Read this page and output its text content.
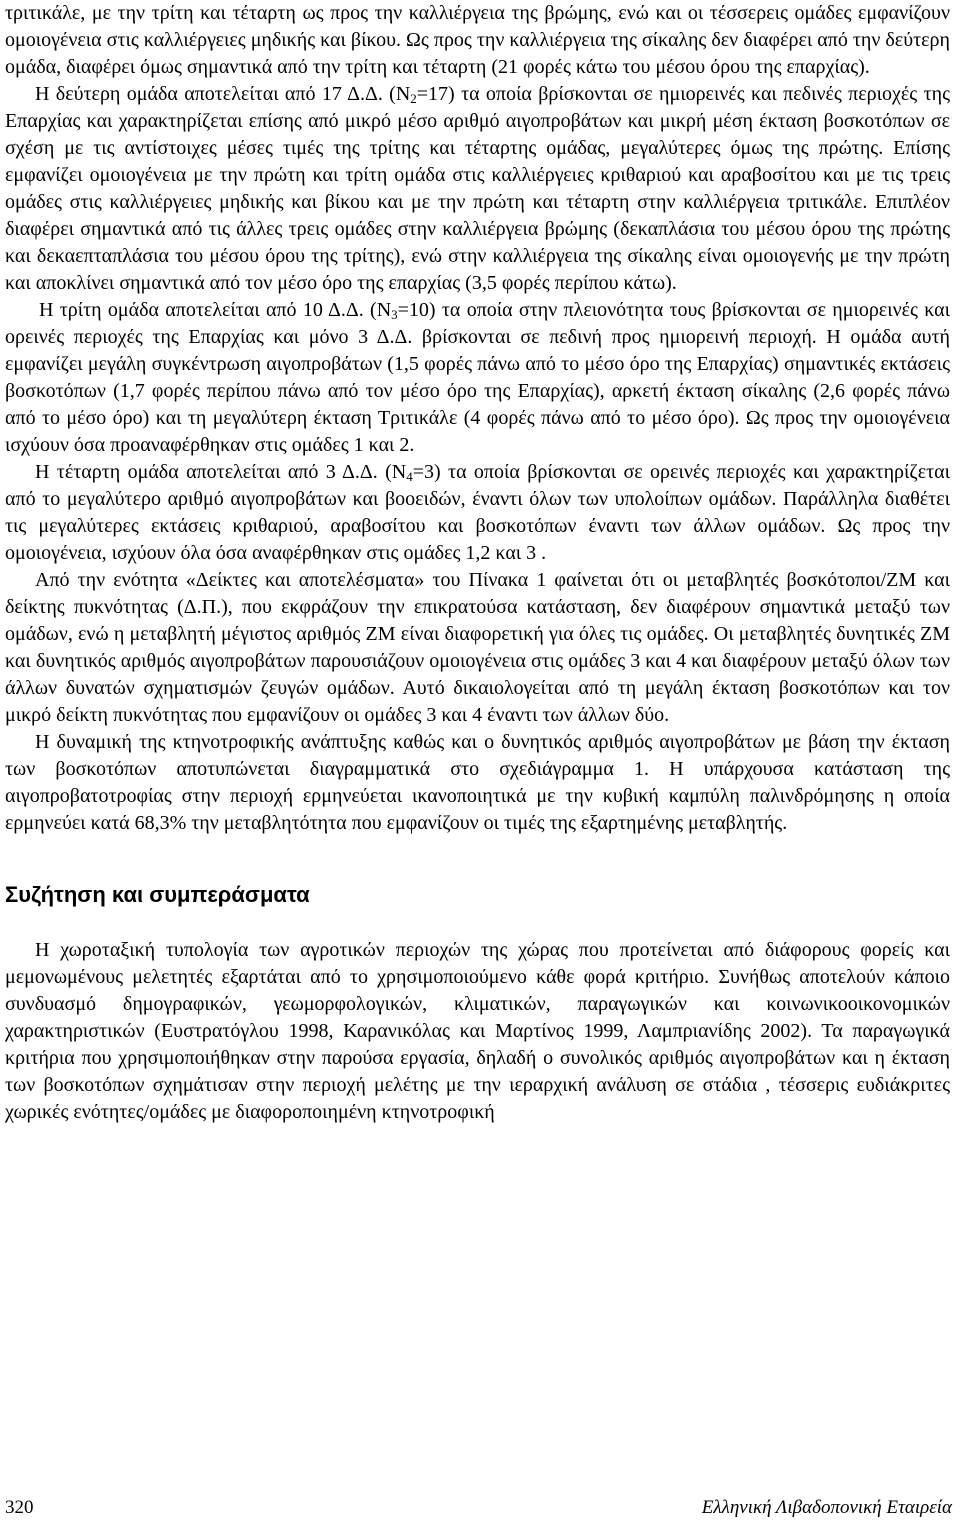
τριτικάλε, με την τρίτη και τέταρτη ως προς την καλλιέργεια της βρώμης, ενώ και οι τέσσερεις ομάδες εμφανίζουν ομοιογένεια στις καλλιέργειες μηδικής και βίκου. Ως προς την καλλιέργεια της σίκαλης δεν διαφέρει από την δεύτερη ομάδα, διαφέρει όμως σημαντικά από την τρίτη και τέταρτη (21 φορές κάτω του μέσου όρου της επαρχίας).

Η δεύτερη ομάδα αποτελείται από 17 Δ.Δ. $(N_2=17)$ τα οποία βρίσκονται σε ημιορεινές και πεδινές περιοχές της Επαρχίας και χαρακτηρίζεται επίσης από μικρό μέσο αριθμό αιγοπροβάτων και μικρή μέση έκταση βοσκοτόπων σε σχέση με τις αντίστοιχες μέσες τιμές της τρίτης και τέταρτης ομάδας, μεγαλύτερες όμως της πρώτης. Επίσης εμφανίζει ομοιογένεια με την πρώτη και τρίτη ομάδα στις καλλιέργειες κριθαριού και αραβοσίτου και με τις τρεις ομάδες στις καλλιέργειες μηδικής και βίκου και με την πρώτη και τέταρτη στην καλλιέργεια τριτικάλε. Επιπλέον διαφέρει σημαντικά από τις άλλες τρεις ομάδες στην καλλιέργεια βρώμης (δεκαπλάσια του μέσου όρου της πρώτης και δεκαεπταπλάσια του μέσου όρου της τρίτης), ενώ στην καλλιέργεια της σίκαλης είναι ομοιογενής με την πρώτη και αποκλίνει σημαντικά από τον μέσο όρο της επαρχίας (3,5 φορές περίπου κάτω).

Η τρίτη ομάδα αποτελείται από 10 Δ.Δ. $(N_3=10)$ τα οποία στην πλειονότητα τους βρίσκονται σε ημιορεινές και ορεινές περιοχές της Επαρχίας και μόνο 3 Δ.Δ. βρίσκονται σε πεδινή προς ημιορεινή περιοχή. Η ομάδα αυτή εμφανίζει μεγάλη συγκέντρωση αιγοπροβάτων (1,5 φορές πάνω από το μέσο όρο της Επαρχίας) σημαντικές εκτάσεις βοσκοτόπων (1,7 φορές περίπου πάνω από τον μέσο όρο της Επαρχίας), αρκετή έκταση σίκαλης (2,6 φορές πάνω από το μέσο όρο) και τη μεγαλύτερη έκταση Τριτικάλε (4 φορές πάνω από το μέσο όρο). Ως προς την ομοιογένεια ισχύουν όσα προαναφέρθηκαν στις ομάδες 1 και 2.

Η τέταρτη ομάδα αποτελείται από 3 Δ.Δ. $(N_4=3)$ τα οποία βρίσκονται σε ορεινές περιοχές και χαρακτηρίζεται από το μεγαλύτερο αριθμό αιγοπροβάτων και βοοειδών, έναντι όλων των υπολοίπων ομάδων. Παράλληλα διαθέτει τις μεγαλύτερες εκτάσεις κριθαριού, αραβοσίτου και βοσκοτόπων έναντι των άλλων ομάδων. Ως προς την ομοιογένεια, ισχύουν όλα όσα αναφέρθηκαν στις ομάδες 1,2 και 3 .

Από την ενότητα «Δείκτες και αποτελέσματα» του Πίνακα 1 φαίνεται ότι οι μεταβλητές βοσκότοποι/ΖΜ και δείκτης πυκνότητας (Δ.Π.), που εκφράζουν την επικρατούσα κατάσταση, δεν διαφέρουν σημαντικά μεταξύ των ομάδων, ενώ η μεταβλητή μέγιστος αριθμός ΖΜ είναι διαφορετική για όλες τις ομάδες. Οι μεταβλητές δυνητικές ΖΜ και δυνητικός αριθμός αιγοπροβάτων παρουσιάζουν ομοιογένεια στις ομάδες 3 και 4 και διαφέρουν μεταξύ όλων των άλλων δυνατών σχηματισμών ζευγών ομάδων. Αυτό δικαιολογείται από τη μεγάλη έκταση βοσκοτόπων και τον μικρό δείκτη πυκνότητας που εμφανίζουν οι ομάδες 3 και 4 έναντι των άλλων δύο.

Η δυναμική της κτηνοτροφικής ανάπτυξης καθώς και ο δυνητικός αριθμός αιγοπροβάτων με βάση την έκταση των βοσκοτόπων αποτυπώνεται διαγραμματικά στο σχεδιάγραμμα 1. Η υπάρχουσα κατάσταση της αιγοπροβατοτροφίας στην περιοχή ερμηνεύεται ικανοποιητικά με την κυβική καμπύλη παλινδρόμησης η οποία ερμηνεύει κατά 68,3% την μεταβλητότητα που εμφανίζουν οι τιμές της εξαρτημένης μεταβλητής.

Συζήτηση και συμπεράσματα

Η χωροταξική τυπολογία των αγροτικών περιοχών της χώρας που προτείνεται από διάφορους φορείς και μεμονωμένους μελετητές εξαρτάται από το χρησιμοποιούμενο κάθε φορά κριτήριο. Συνήθως αποτελούν κάποιο συνδυασμό δημογραφικών, γεωμορφολογικών, κλιματικών, παραγωγικών και κοινωνικοοικονομικών χαρακτηριστικών (Ευστρατόγλου 1998, Καρανικόλας και Μαρτίνος 1999, Λαμπριανίδης 2002). Τα παραγωγικά κριτήρια που χρησιμοποιήθηκαν στην παρούσα εργασία, δηλαδή ο συνολικός αριθμός αιγοπροβάτων και η έκταση των βοσκοτόπων σχημάτισαν στην περιοχή μελέτης με την ιεραρχική ανάλυση σε στάδια , τέσσερις ευδιάκριτες χωρικές ενότητες/ομάδες με διαφοροποιημένη κτηνοτροφική

320	Ελληνική Λιβαδοπονική Εταιρεία
